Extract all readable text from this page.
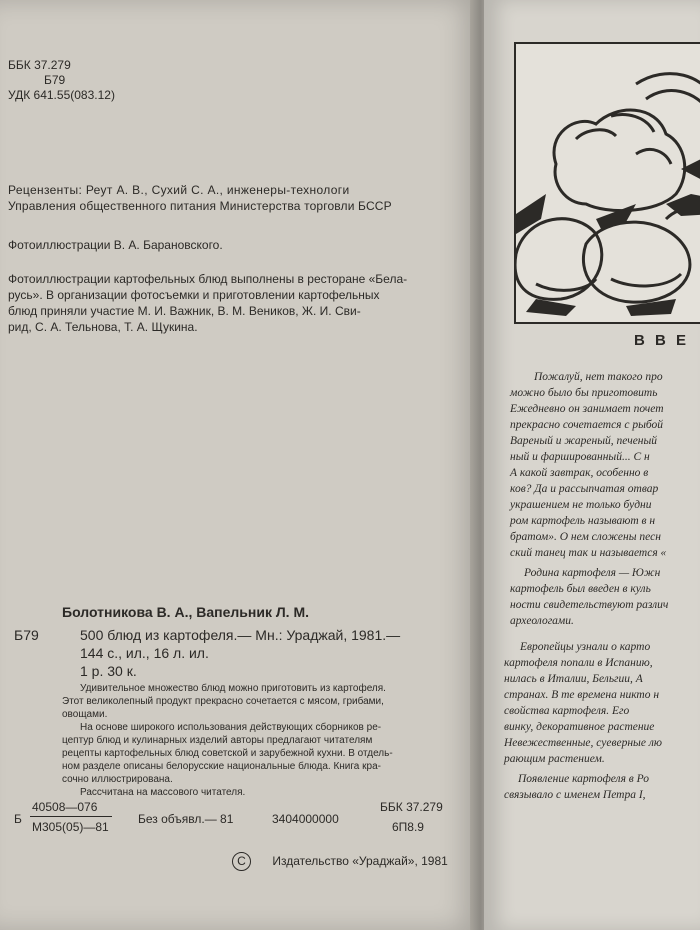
ББК 37.279
Б79
УДК 641.55(083.12)
Рецензенты: Реут А. В., Сухий С. А., инженеры-технологи
Управления общественного питания Министерства торговли БССР
Фотоиллюстрации В. А. Барановского.
Фотоиллюстрации картофельных блюд выполнены в ресторане «Белa-
русь». В организации фотосъемки и приготовлении картофельных
блюд приняли участие М. И. Важник, В. М. Веников, Ж. И. Сви-
рид, С. А. Тельнова, Т. А. Щукина.
Болотникова В. А., Вапельник Л. М.
Б79	500 блюд из картофеля.— Мн.: Ураджай, 1981.—
144 с., ил., 16 л. ил.
1 р. 30 к.
Удивительное множество блюд можно приготовить из картофеля.
Этот великолепный продукт прекрасно сочетается с мясом, грибами,
овощами.
На основе широкого использования действующих сборников ре-
цептур блюд и кулинарных изделий авторы предлагают читателям
рецепты картофельных блюд советской и зарубежной кухни. В отдель-
ном разделе описаны белорусские национальные блюда. Книга кра-
сочно иллюстрирована.
Рассчитана на массового читателя.
Б
40508—076
М305(05)—81
Без объявл.— 81	3404000000
ББК 37.279
6П8.9
C Издательство «Ураджай», 1981
В В Е
Пожалуй, нет такого про
можно было бы приготовить
Ежедневно он занимает почет
прекрасно сочетается с рыбой
Вареный и жареный, печеный
ный и фаршированный... С н
А какой завтрак, особенно в
ков? Да и рассыпчатая отвар
украшением не только будни
ром картофель называют в н
братом». О нем сложены песн
ский танец так и называется «
Родина картофеля — Южн
картофель был введен в куль
ности свидетельствуют различ
археологами.
Европейцы узнали о карто
картофеля попали в Испанию,
нилась в Италии, Бельгии, А
странах. В те времена никто н
свойства картофеля. Его
винку, декоративное растение
Невежественные, суеверные лю
рающим растением.
Появление картофеля в Ро
связывало с именем Петра I,
